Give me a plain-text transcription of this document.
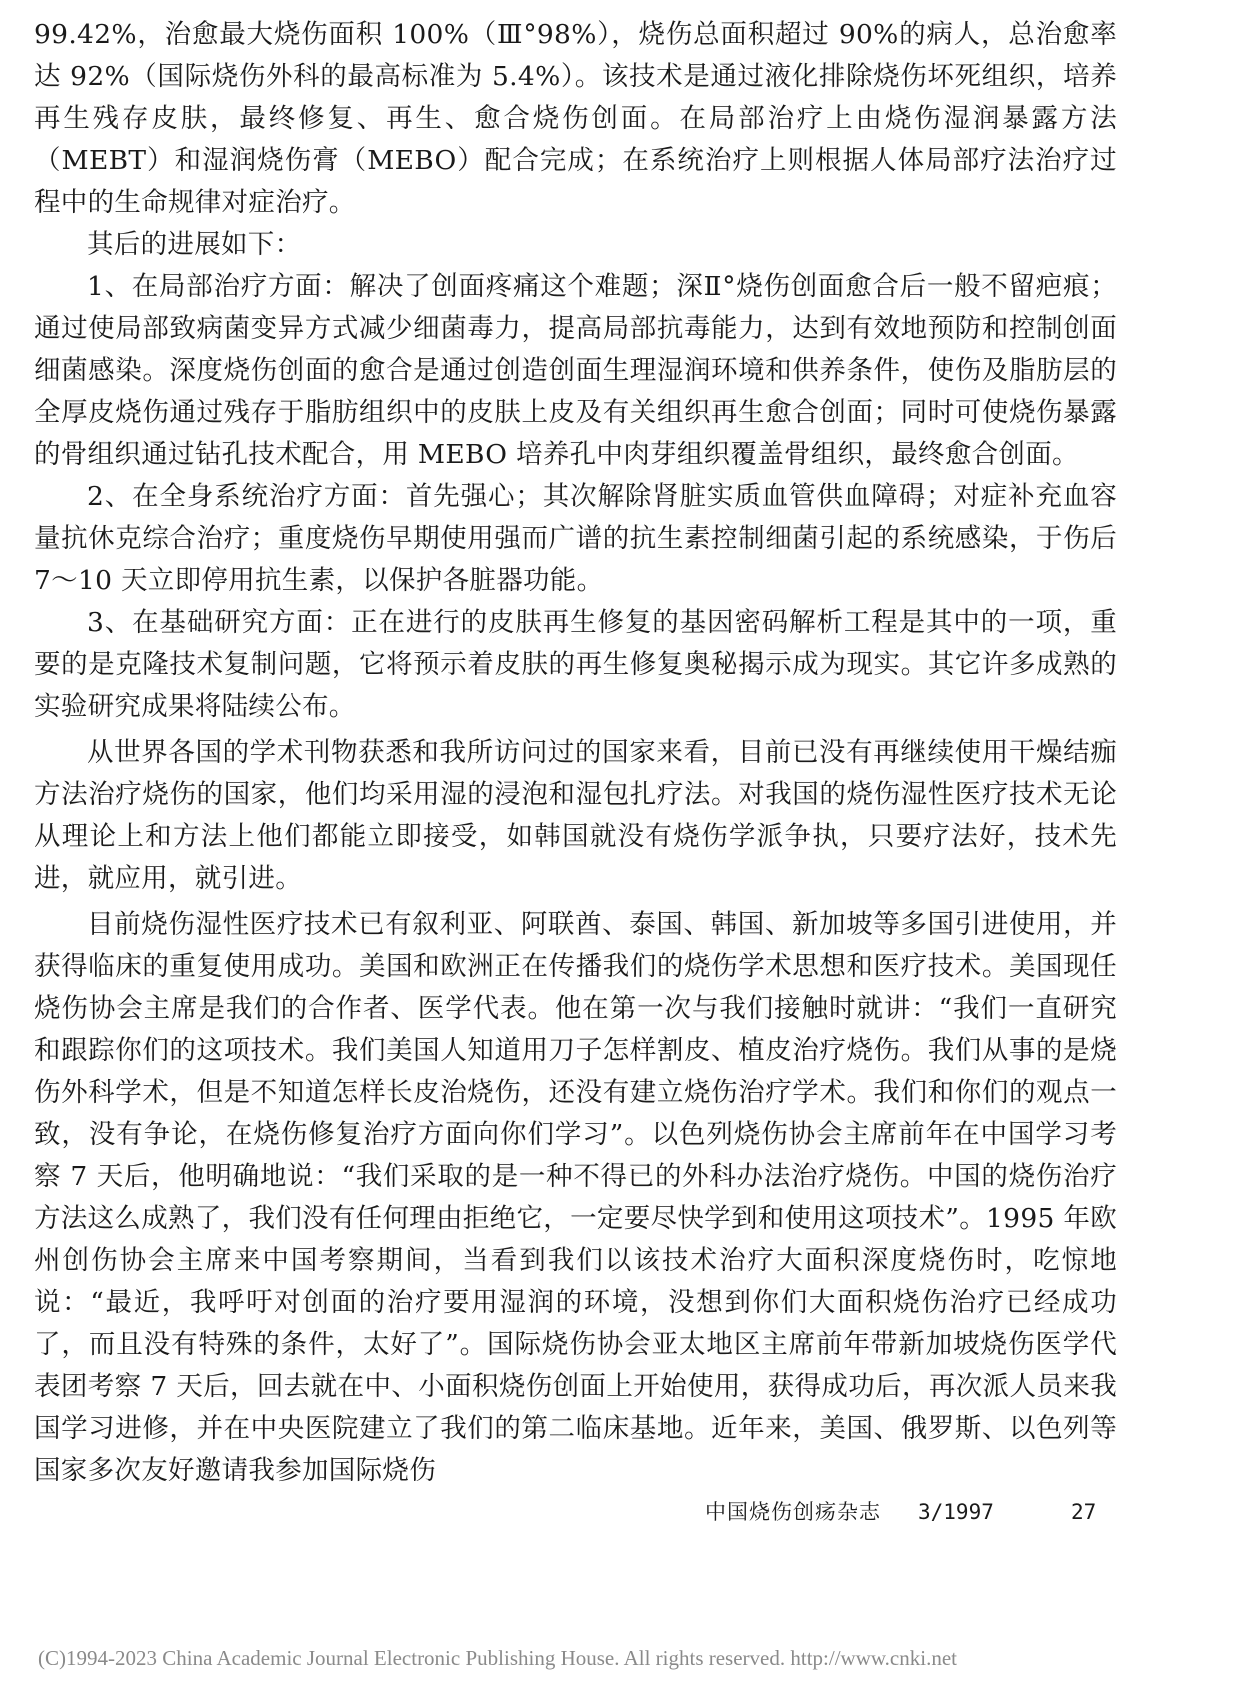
99.42%，治愈最大烧伤面积 100%（Ⅲ°98%），烧伤总面积超过 90%的病人，总治愈率达 92%（国际烧伤外科的最高标准为 5.4%）。该技术是通过液化排除烧伤坏死组织，培养再生残存皮肤，最终修复、再生、愈合烧伤创面。在局部治疗上由烧伤湿润暴露方法（MEBT）和湿润烧伤膏（MEBO）配合完成；在系统治疗上则根据人体局部疗法治疗过程中的生命规律对症治疗。

其后的进展如下：

1、在局部治疗方面：解决了创面疼痛这个难题；深Ⅱ°烧伤创面愈合后一般不留疤痕；通过使局部致病菌变异方式减少细菌毒力，提高局部抗毒能力，达到有效地预防和控制创面细菌感染。深度烧伤创面的愈合是通过创造创面生理湿润环境和供养条件，使伤及脂肪层的全厚皮烧伤通过残存于脂肪组织中的皮肤上皮及有关组织再生愈合创面；同时可使烧伤暴露的骨组织通过钻孔技术配合，用 MEBO 培养孔中肉芽组织覆盖骨组织，最终愈合创面。

2、在全身系统治疗方面：首先强心；其次解除肾脏实质血管供血障碍；对症补充血容量抗休克综合治疗；重度烧伤早期使用强而广谱的抗生素控制细菌引起的系统感染，于伤后 7～10 天立即停用抗生素，以保护各脏器功能。

3、在基础研究方面：正在进行的皮肤再生修复的基因密码解析工程是其中的一项，重要的是克隆技术复制问题，它将预示着皮肤的再生修复奥秘揭示成为现实。其它许多成熟的实验研究成果将陆续公布。

从世界各国的学术刊物获悉和我所访问过的国家来看，目前已没有再继续使用干燥结痂方法治疗烧伤的国家，他们均采用湿的浸泡和湿包扎疗法。对我国的烧伤湿性医疗技术无论从理论上和方法上他们都能立即接受，如韩国就没有烧伤学派争执，只要疗法好，技术先进，就应用，就引进。

目前烧伤湿性医疗技术已有叙利亚、阿联酋、泰国、韩国、新加坡等多国引进使用，并获得临床的重复使用成功。美国和欧洲正在传播我们的烧伤学术思想和医疗技术。美国现任烧伤协会主席是我们的合作者、医学代表。他在第一次与我们接触时就讲：“我们一直研究和跟踪你们的这项技术。我们美国人知道用刀子怎样割皮、植皮治疗烧伤。我们从事的是烧伤外科学术，但是不知道怎样长皮治烧伤，还没有建立烧伤治疗学术。我们和你们的观点一致，没有争论，在烧伤修复治疗方面向你们学习”。以色列烧伤协会主席前年在中国学习考察 7 天后，他明确地说：“我们采取的是一种不得已的外科办法治疗烧伤。中国的烧伤治疗方法这么成熟了，我们没有任何理由拒绝它，一定要尽快学到和使用这项技术”。1995 年欧州创伤协会主席来中国考察期间，当看到我们以该技术治疗大面积深度烧伤时，吃惊地说：“最近，我呼吁对创面的治疗要用湿润的环境，没想到你们大面积烧伤治疗已经成功了，而且没有特殊的条件，太好了”。国际烧伤协会亚太地区主席前年带新加坡烧伤医学代表团考察 7 天后，回去就在中、小面积烧伤创面上开始使用，获得成功后，再次派人员来我国学习进修，并在中央医院建立了我们的第二临床基地。近年来，美国、俄罗斯、以色列等国家多次友好邀请我参加国际烧伤

中国烧伤创疡杂志 3/1997	27
(C)1994-2023 China Academic Journal Electronic Publishing House. All rights reserved. http://www.cnki.net
